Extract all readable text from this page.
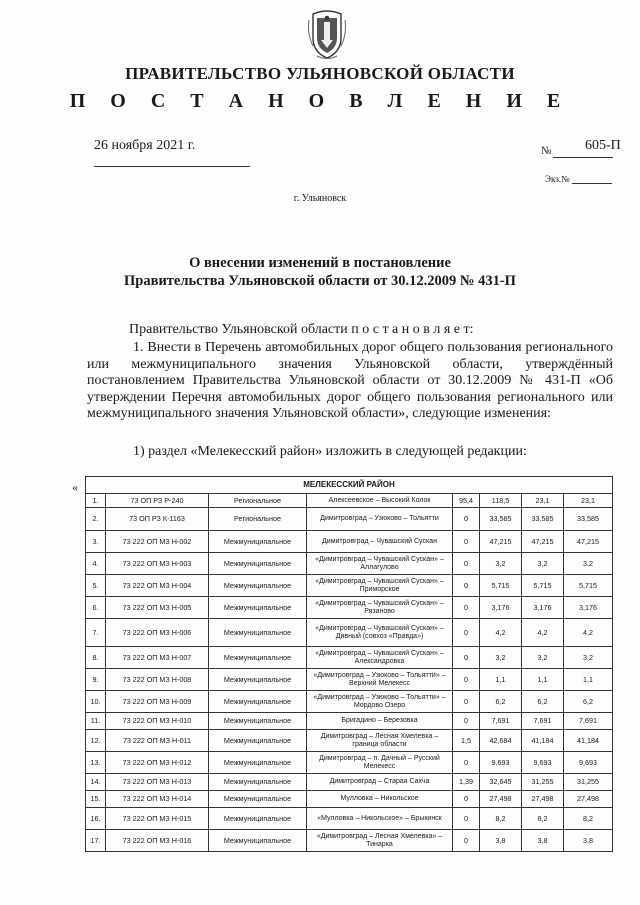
ПРАВИТЕЛЬСТВО УЛЬЯНОВСКОЙ ОБЛАСТИ
П О С Т А Н О В Л Е Н И Е
26 ноября 2021 г.	№ 605-П
Экз.№
г. Ульяновск
О внесении изменений в постановление
Правительства Ульяновской области от 30.12.2009 № 431-П
Правительство Ульяновской области п о с т а н о в л я е т:
1. Внести в Перечень автомобильных дорог общего пользования регионального или межмуниципального значения Ульяновской области, утверждённый постановлением Правительства Ульяновской области от 30.12.2009 № 431-П «Об утверждении Перечня автомобильных дорог общего пользования регионального или межмуниципального значения Ульяновской области», следующие изменения:
1) раздел «Мелекесский район» изложить в следующей редакции:
«	МЕЛЕКЕССКИЙ РАЙОН							
1.	73 ОП РЗ Р-240	Региональное	Алексеевское – Высокий Колок	95,4	118,5	23,1	23,1
2.	73 ОП РЗ К-1163	Региональное	Димитровград – Узюково – Тольятти	0	33,585	33,585	33,585
3.	73 222 ОП МЗ Н-002	Межмуниципальное	Димитровград – Чувашский Сускан	0	47,215	47,215	47,215
4.	73 222 ОП МЗ Н-003	Межмуниципальное	«Димитровград – Чувашский Сускан» – Аллагулово	0	3,2	3,2	3,2
5.	73 222 ОП МЗ Н-004	Межмуниципальное	«Димитровград – Чувашский Сускан» – Приморское	0	5,715	5,715	5,715
6.	73 222 ОП МЗ Н-005	Межмуниципальное	«Димитровград – Чувашский Сускан» – Рязаново	0	3,176	3,176	3,176
7.	73 222 ОП МЗ Н-006	Межмуниципальное	«Димитровград – Чувашский Сускан» – Дивный (совхоз «Правда»)	0	4,2	4,2	4,2
8.	73 222 ОП МЗ Н-007	Межмуниципальное	«Димитровград – Чувашский Сускан» – Александровка	0	3,2	3,2	3,2
9.	73 222 ОП МЗ Н-008	Межмуниципальное	«Димитровград – Узюково – Тольятти» – Верхний Мелекесс	0	1,1	1,1	1,1
10.	73 222 ОП МЗ Н-009	Межмуниципальное	«Димитровград – Узюково – Тольятти» – Мордово Озеро	0	6,2	6,2	6,2
11.	73 222 ОП МЗ Н-010	Межмуниципальное	Бригадино – Березовка	0	7,691	7,691	7,691
12.	73 222 ОП МЗ Н-011	Межмуниципальное	Димитровград – Лесная Хмелевка – граница области	1,5	42,684	41,184	41,184
13.	73 222 ОП МЗ Н-012	Межмуниципальное	Димитровград – п. Дачный – Русский Мелекесс	0	9,693	9,693	9,693
14.	73 222 ОП МЗ Н-013	Межмуниципальное	Димитровград – Старая Сахча	1,39	32,645	31,255	31,255
15.	73 222 ОП МЗ Н-014	Межмуниципальное	Мулловка – Никольское	0	27,498	27,498	27,498
16.	73 222 ОП МЗ Н-015	Межмуниципальное	«Мулловка – Никольское» – Брыкинск	0	8,2	8,2	8,2
17.	73 222 ОП МЗ Н-016	Межмуниципальное	«Димитровград – Лесная Хмелевка» – Тинарка	0	3,8	3,8	3,8
